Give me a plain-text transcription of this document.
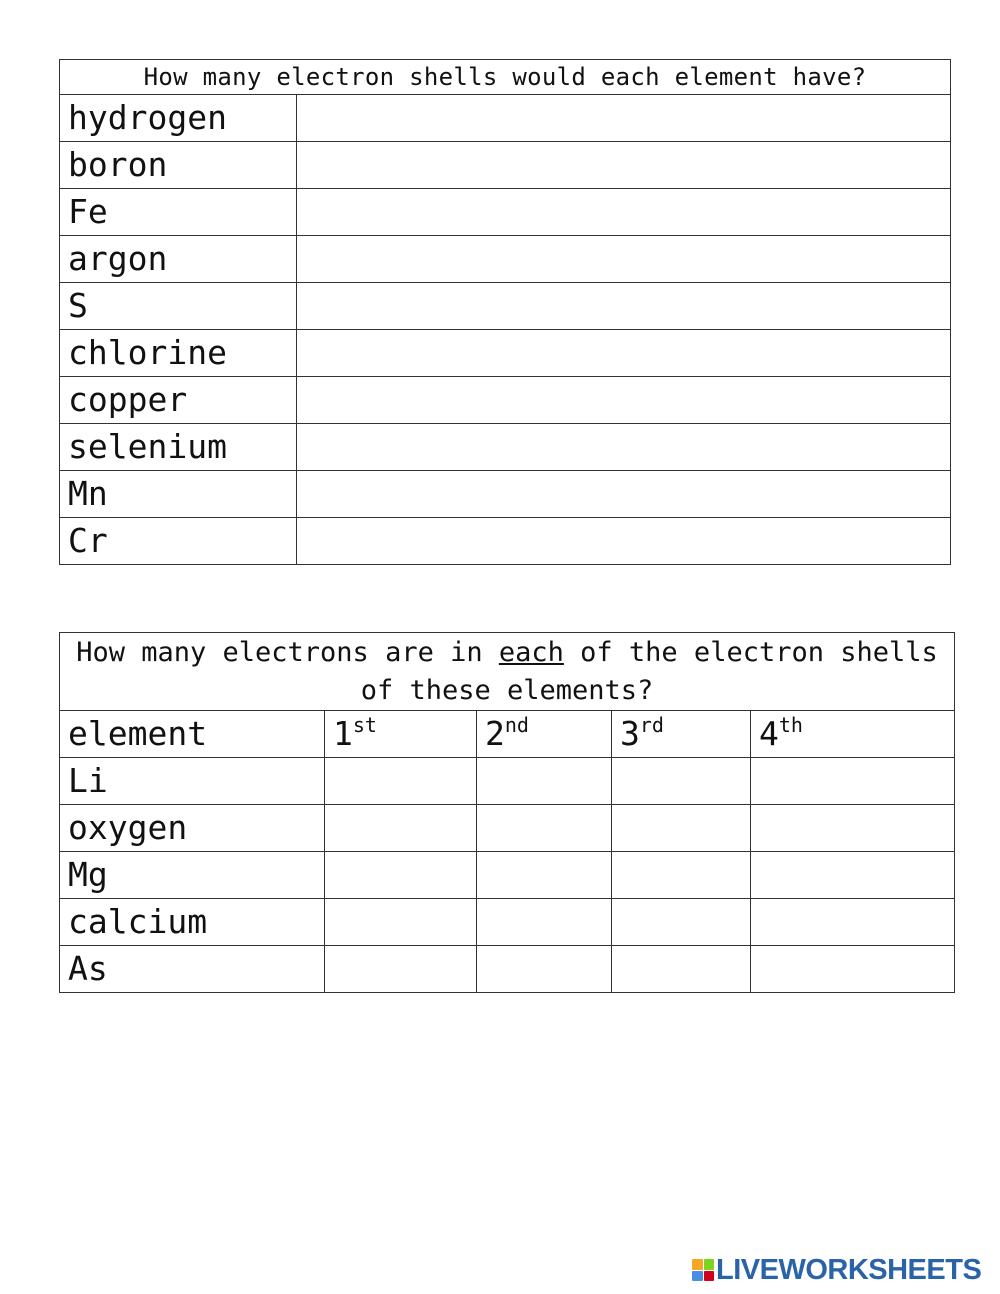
How many electron shells would each element have?	
hydrogen	
boron	
Fe	
argon	
S	
chlorine	
copper	
selenium	
Mn	
Cr	
How many electrons are in each of the electron shells of these elements?				
element	1st	2nd	3rd	4th
Li				
oxygen				
Mg				
calcium				
As				
LIVEWORKSHEETS
